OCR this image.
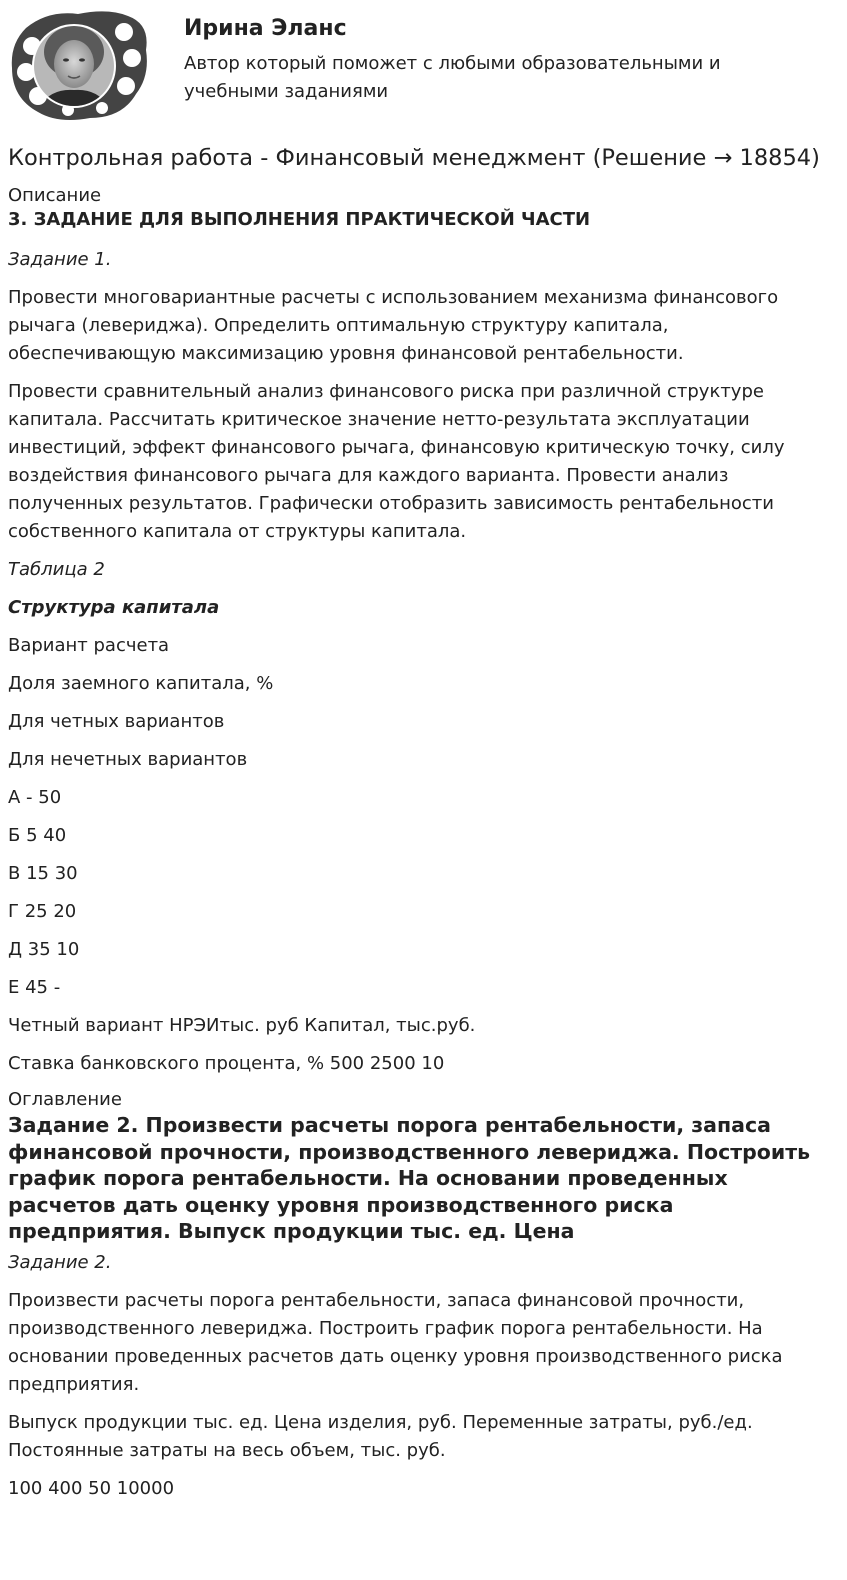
Ирина Эланс
Автор который поможет с любыми образовательными и учебными заданиями
Контрольная работа - Финансовый менеджмент (Решение → 18854)
Описание
3. ЗАДАНИЕ ДЛЯ ВЫПОЛНЕНИЯ ПРАКТИЧЕСКОЙ ЧАСТИ

Задание 1.

Провести многовариантные расчеты с использованием механизма финансового рычага (левериджа). Определить оптимальную структуру капитала, обеспечивающую максимизацию уровня финансовой рентабельности.

Провести сравнительный анализ финансового риска при различной структуре капитала. Рассчитать критическое значение нетто-результата эксплуатации инвестиций, эффект финансового рычага, финансовую критическую точку, силу воздействия финансового рычага для каждого варианта. Провести анализ полученных результатов. Графически отобразить зависимость рентабельности собственного капитала от структуры капитала.

Таблица 2

Структура капитала

Вариант расчета

Доля заемного капитала, %

Для четных вариантов

Для нечетных вариантов

А - 50

Б 5 40

В 15 30

Г 25 20

Д 35 10

Е 45 -

Четный вариант НРЭИтыс. руб Капитал, тыс.руб.

Ставка банковского процента, % 500 2500 10

Оглавление
Задание 2. Произвести расчеты порога рентабельности, запаса финансовой прочности, производственного левериджа. Построить график порога рентабельности. На основании проведенных расчетов дать оценку уровня производственного риска предприятия. Выпуск продукции тыс. ед. Цена

Задание 2.

Произвести расчеты порога рентабельности, запаса финансовой прочности, производственного левериджа. Построить график порога рентабельности. На основании проведенных расчетов дать оценку уровня производственного риска предприятия.

Выпуск продукции тыс. ед. Цена изделия, руб. Переменные затраты, руб./ед. Постоянные затраты на весь объем, тыс. руб.

100 400 50 10000
